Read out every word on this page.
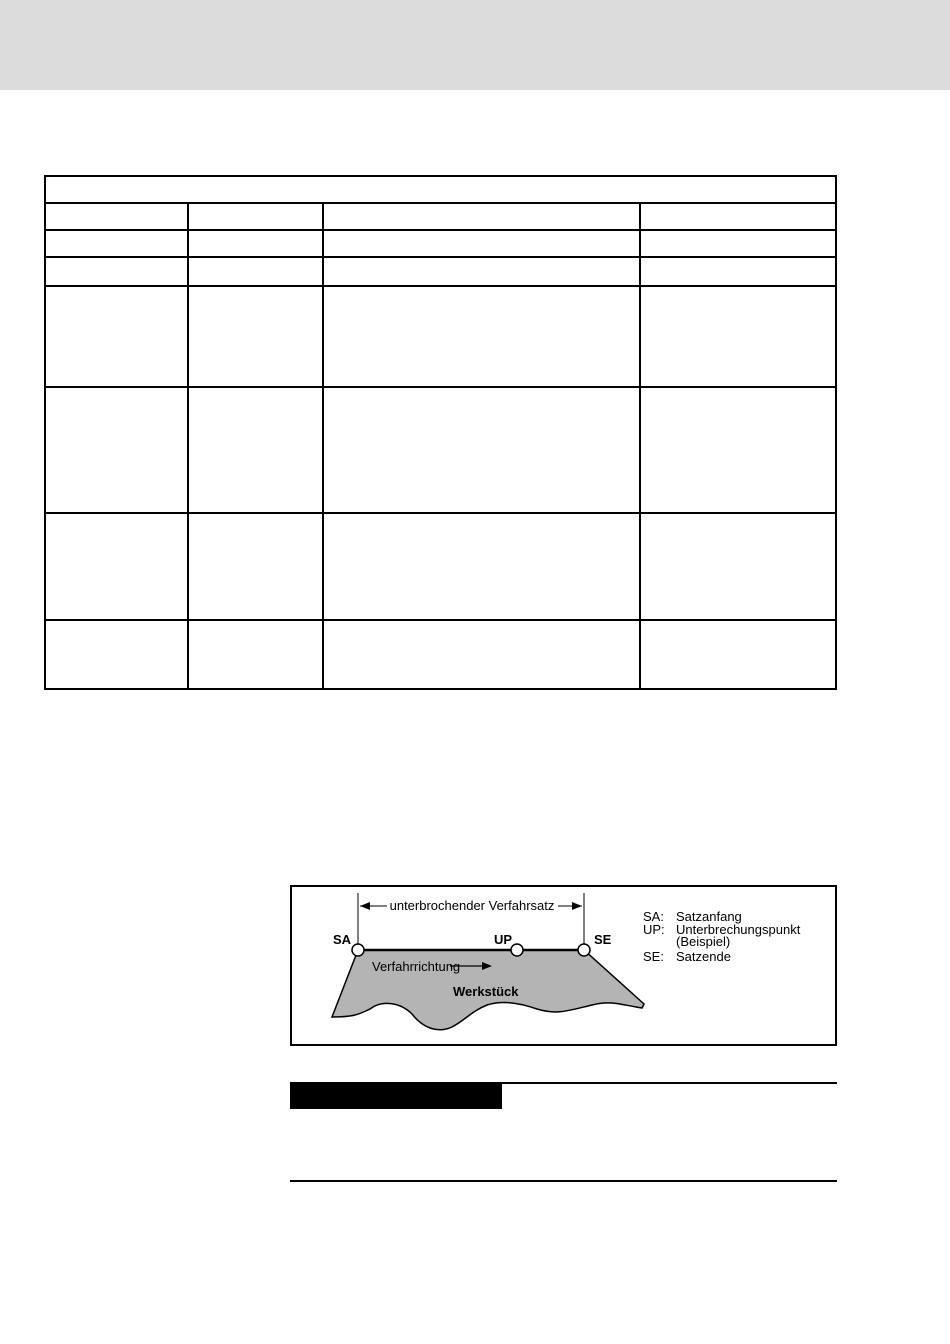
unterbrochender Verfahrsatz
SA	UP	SE
Verfahrrichtung
Werkstück
SA: Satzanfang
UP: Unterbrechungspunkt
(Beispiel)
SE: Satzende
